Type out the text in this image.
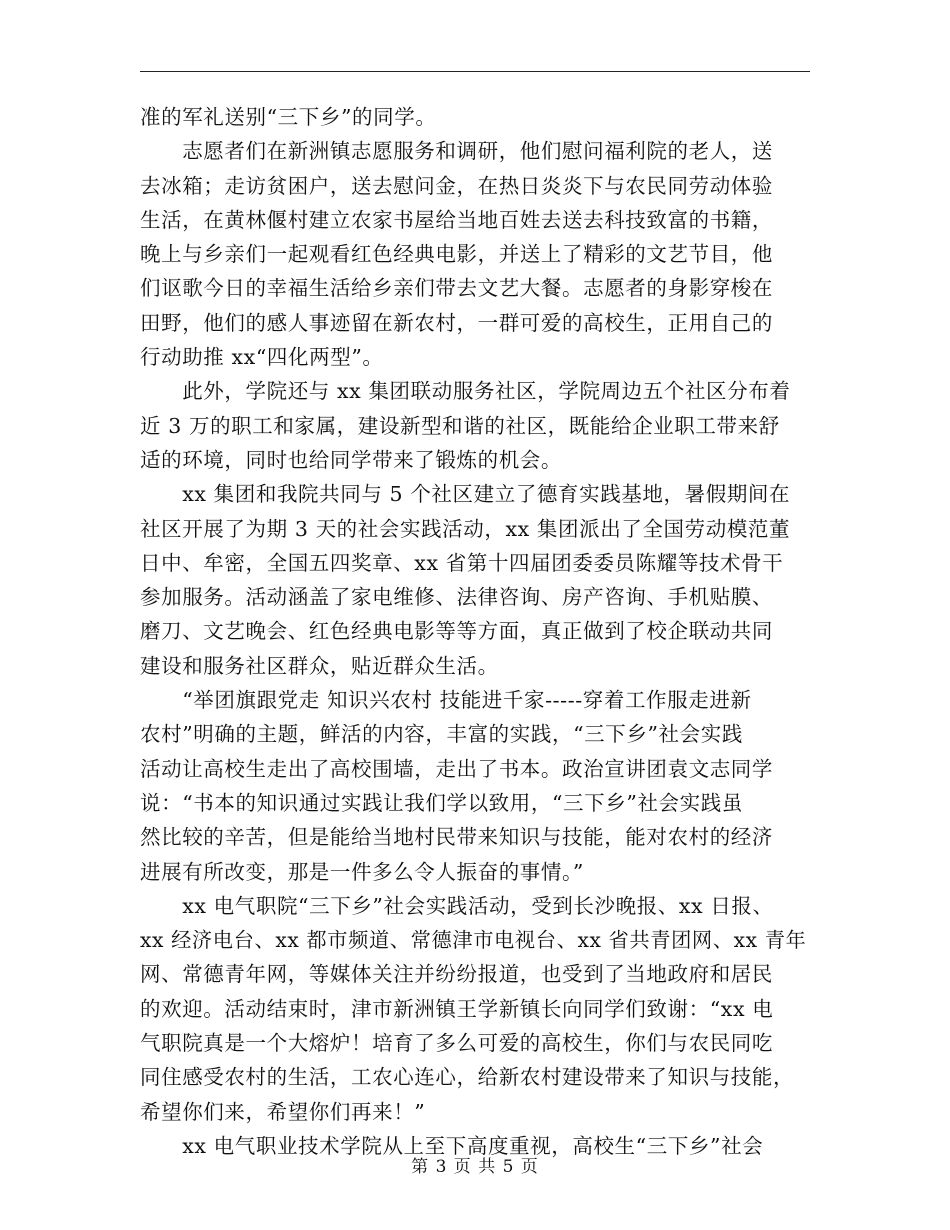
准的军礼送别“三下乡”的同学。
　　志愿者们在新洲镇志愿服务和调研，他们慰问福利院的老人，送
去冰箱；走访贫困户，送去慰问金，在热日炎炎下与农民同劳动体验
生活，在黄林偃村建立农家书屋给当地百姓去送去科技致富的书籍，
晚上与乡亲们一起观看红色经典电影，并送上了精彩的文艺节目，他
们讴歌今日的幸福生活给乡亲们带去文艺大餐。志愿者的身影穿梭在
田野，他们的感人事迹留在新农村，一群可爱的高校生，正用自己的
行动助推 xx“四化两型”。
　　此外，学院还与 xx 集团联动服务社区，学院周边五个社区分布着
近 3 万的职工和家属，建设新型和谐的社区，既能给企业职工带来舒
适的环境，同时也给同学带来了锻炼的机会。
　　xx 集团和我院共同与 5 个社区建立了德育实践基地，暑假期间在
社区开展了为期 3 天的社会实践活动，xx 集团派出了全国劳动模范董
日中、牟密，全国五四奖章、xx 省第十四届团委委员陈耀等技术骨干
参加服务。活动涵盖了家电维修、法律咨询、房产咨询、手机贴膜、
磨刀、文艺晚会、红色经典电影等等方面，真正做到了校企联动共同
建设和服务社区群众，贴近群众生活。
　　“举团旗跟党走 知识兴农村 技能进千家-----穿着工作服走进新
农村”明确的主题，鲜活的内容，丰富的实践，“三下乡”社会实践
活动让高校生走出了高校围墙，走出了书本。政治宣讲团袁文志同学
说：“书本的知识通过实践让我们学以致用，“三下乡”社会实践虽
然比较的辛苦，但是能给当地村民带来知识与技能，能对农村的经济
进展有所改变，那是一件多么令人振奋的事情。”
　　xx 电气职院“三下乡”社会实践活动，受到长沙晚报、xx 日报、
xx 经济电台、xx 都市频道、常德津市电视台、xx 省共青团网、xx 青年
网、常德青年网，等媒体关注并纷纷报道，也受到了当地政府和居民
的欢迎。活动结束时，津市新洲镇王学新镇长向同学们致谢：“xx 电
气职院真是一个大熔炉！培育了多么可爱的高校生，你们与农民同吃
同住感受农村的生活，工农心连心，给新农村建设带来了知识与技能，
希望你们来，希望你们再来！”
　　xx 电气职业技术学院从上至下高度重视，高校生“三下乡”社会
第 3 页 共 5 页
